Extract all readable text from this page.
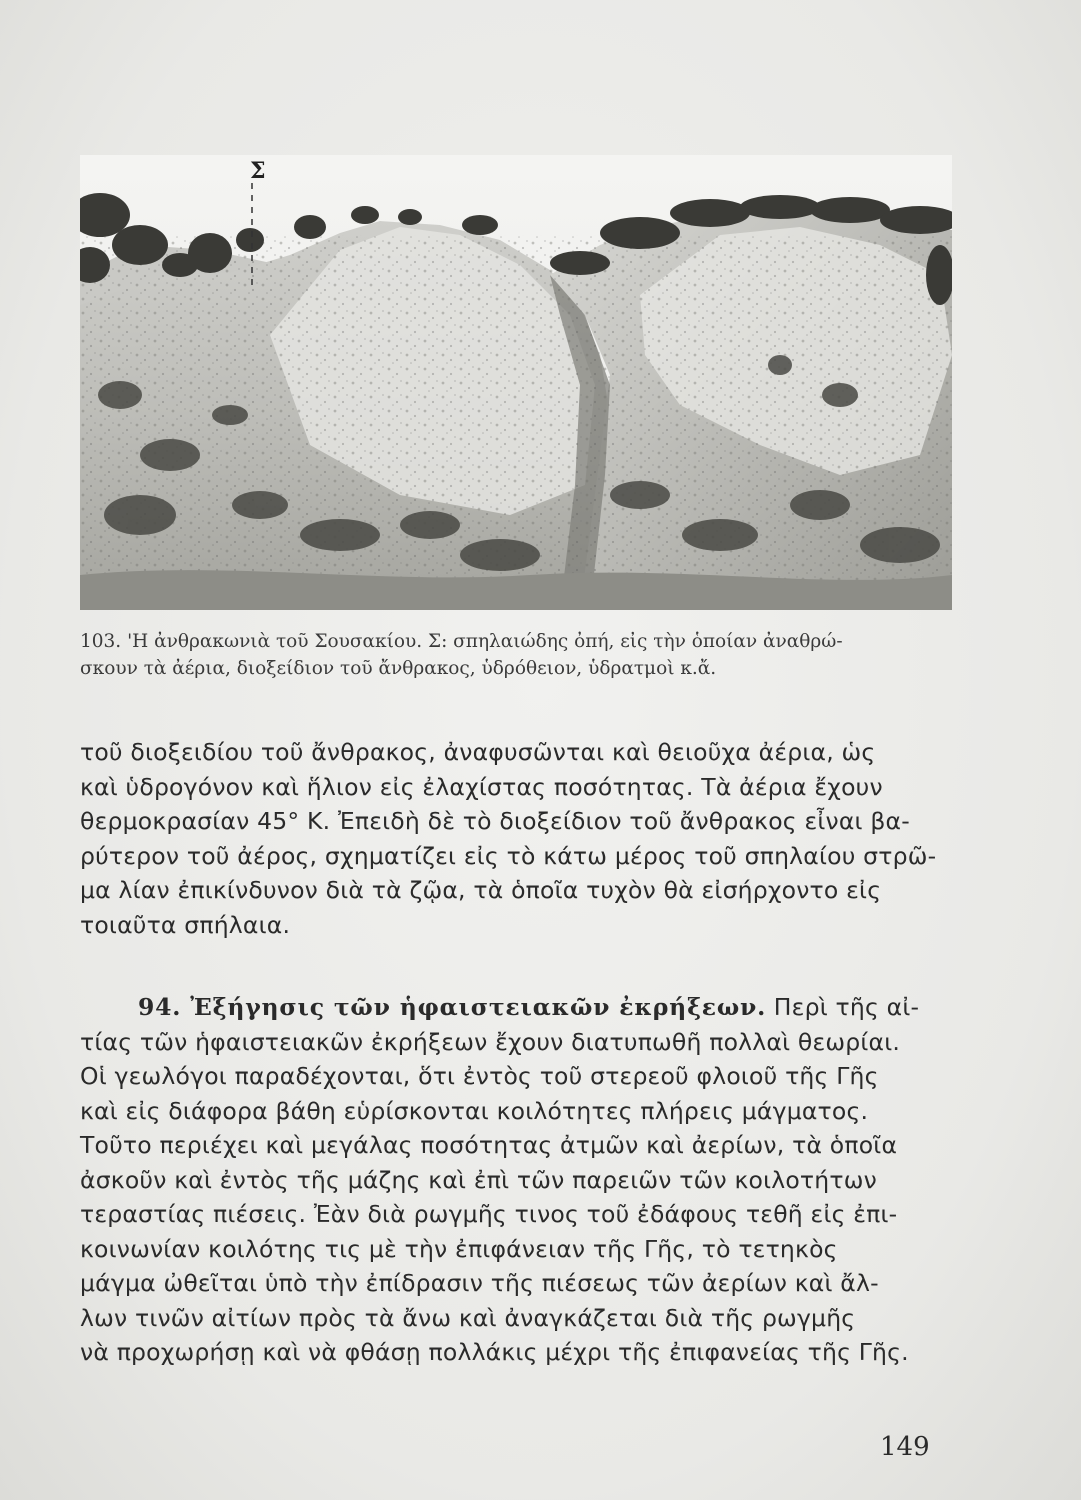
Σ

103. 'Η ἀνθρακωνιὰ τοῦ Σουσακίου. Σ: σπηλαιώδης ὀπή, εἰς τὴν ὁποίαν ἀναθρώ-

σκουν τὰ ἀέρια, διοξείδιον τοῦ ἄνθρακος, ὑδρόθειον, ὑδρατμοὶ κ.ἄ.

τοῦ διοξειδίου τοῦ ἄνθρακος, ἀναφυσῶνται καὶ θειοῦχα ἀέρια, ὡς

καὶ ὑδρογόνον καὶ ἥλιον εἰς ἐλαχίστας ποσότητας. Τὰ ἀέρια ἔχουν

θερμοκρασίαν 45° Κ. Ἐπειδὴ δὲ τὸ διοξείδιον τοῦ ἄνθρακος εἶναι βα-

ρύτερον τοῦ ἀέρος, σχηματίζει εἰς τὸ κάτω μέρος τοῦ σπηλαίου στρῶ-

μα λίαν ἐπικίνδυνον διὰ τὰ ζῷα, τὰ ὁποῖα τυχὸν θὰ εἰσήρχοντο εἰς

τοιαῦτα σπήλαια.

94. Ἐξήγησις τῶν ἡφαιστειακῶν ἐκρήξεων. Περὶ τῆς αἰ-

τίας τῶν ἡφαιστειακῶν ἐκρήξεων ἔχουν διατυπωθῆ πολλαὶ θεωρίαι.

Οἱ γεωλόγοι παραδέχονται, ὅτι ἐντὸς τοῦ στερεοῦ φλοιοῦ τῆς Γῆς

καὶ εἰς διάφορα βάθη εὑρίσκονται κοιλότητες πλήρεις μάγματος.

Τοῦτο περιέχει καὶ μεγάλας ποσότητας ἀτμῶν καὶ ἀερίων, τὰ ὁποῖα

ἀσκοῦν καὶ ἐντὸς τῆς μάζης καὶ ἐπὶ τῶν παρειῶν τῶν κοιλοτήτων

τεραστίας πιέσεις. Ἐὰν διὰ ρωγμῆς τινος τοῦ ἐδάφους τεθῆ εἰς ἐπι-

κοινωνίαν κοιλότης τις μὲ τὴν ἐπιφάνειαν τῆς Γῆς, τὸ τετηκὸς

μάγμα ὠθεῖται ὑπὸ τὴν ἐπίδρασιν τῆς πιέσεως τῶν ἀερίων καὶ ἄλ-

λων τινῶν αἰτίων πρὸς τὰ ἄνω καὶ ἀναγκάζεται διὰ τῆς ρωγμῆς

νὰ προχωρήσῃ καὶ νὰ φθάσῃ πολλάκις μέχρι τῆς ἐπιφανείας τῆς Γῆς.

149
